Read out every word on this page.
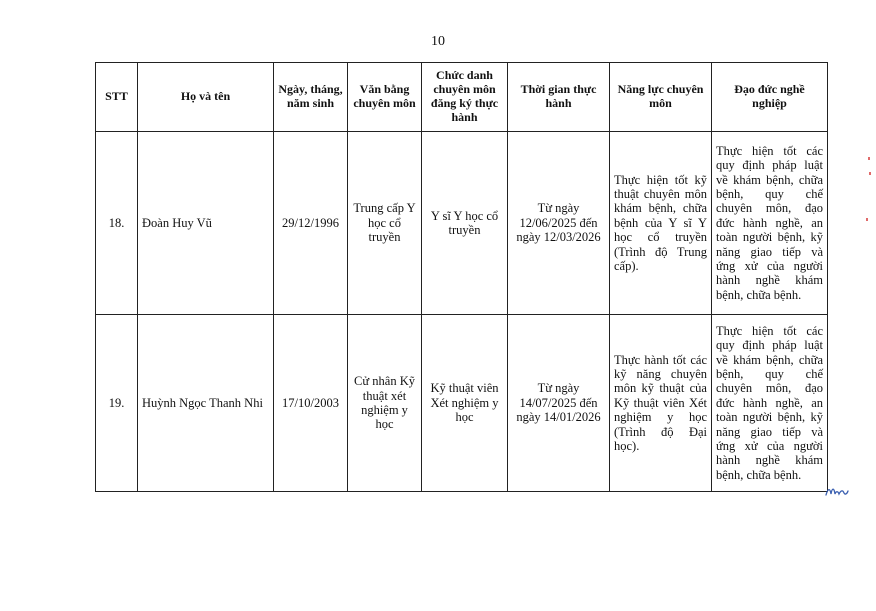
10
STT	Họ và tên	Ngày, tháng, năm sinh	Văn bằng chuyên môn	Chức danh chuyên môn đăng ký thực hành	Thời gian thực hành	Năng lực chuyên môn	Đạo đức nghề nghiệp
18.	Đoàn Huy Vũ	29/12/1996	Trung cấp Y học cổ truyền	Y sĩ Y học cổ truyền	Từ ngày 12/06/2025 đến ngày 12/03/2026	Thực hiện tốt kỹ thuật chuyên môn khám bệnh, chữa bệnh của Y sĩ Y học cổ truyền (Trình độ Trung cấp).	Thực hiện tốt các quy định pháp luật về khám bệnh, chữa bệnh, quy chế chuyên môn, đạo đức hành nghề, an toàn người bệnh, kỹ năng giao tiếp và ứng xử của người hành nghề khám bệnh, chữa bệnh.
19.	Huỳnh Ngọc Thanh Nhi	17/10/2003	Cử nhân Kỹ thuật xét nghiệm y học	Kỹ thuật viên Xét nghiệm y học	Từ ngày 14/07/2025 đến ngày 14/01/2026	Thực hành tốt các kỹ năng chuyên môn kỹ thuật của Kỹ thuật viên Xét nghiệm y học (Trình độ Đại học).	Thực hiện tốt các quy định pháp luật về khám bệnh, chữa bệnh, quy chế chuyên môn, đạo đức hành nghề, an toàn người bệnh, kỹ năng giao tiếp và ứng xử của người hành nghề khám bệnh, chữa bệnh.
